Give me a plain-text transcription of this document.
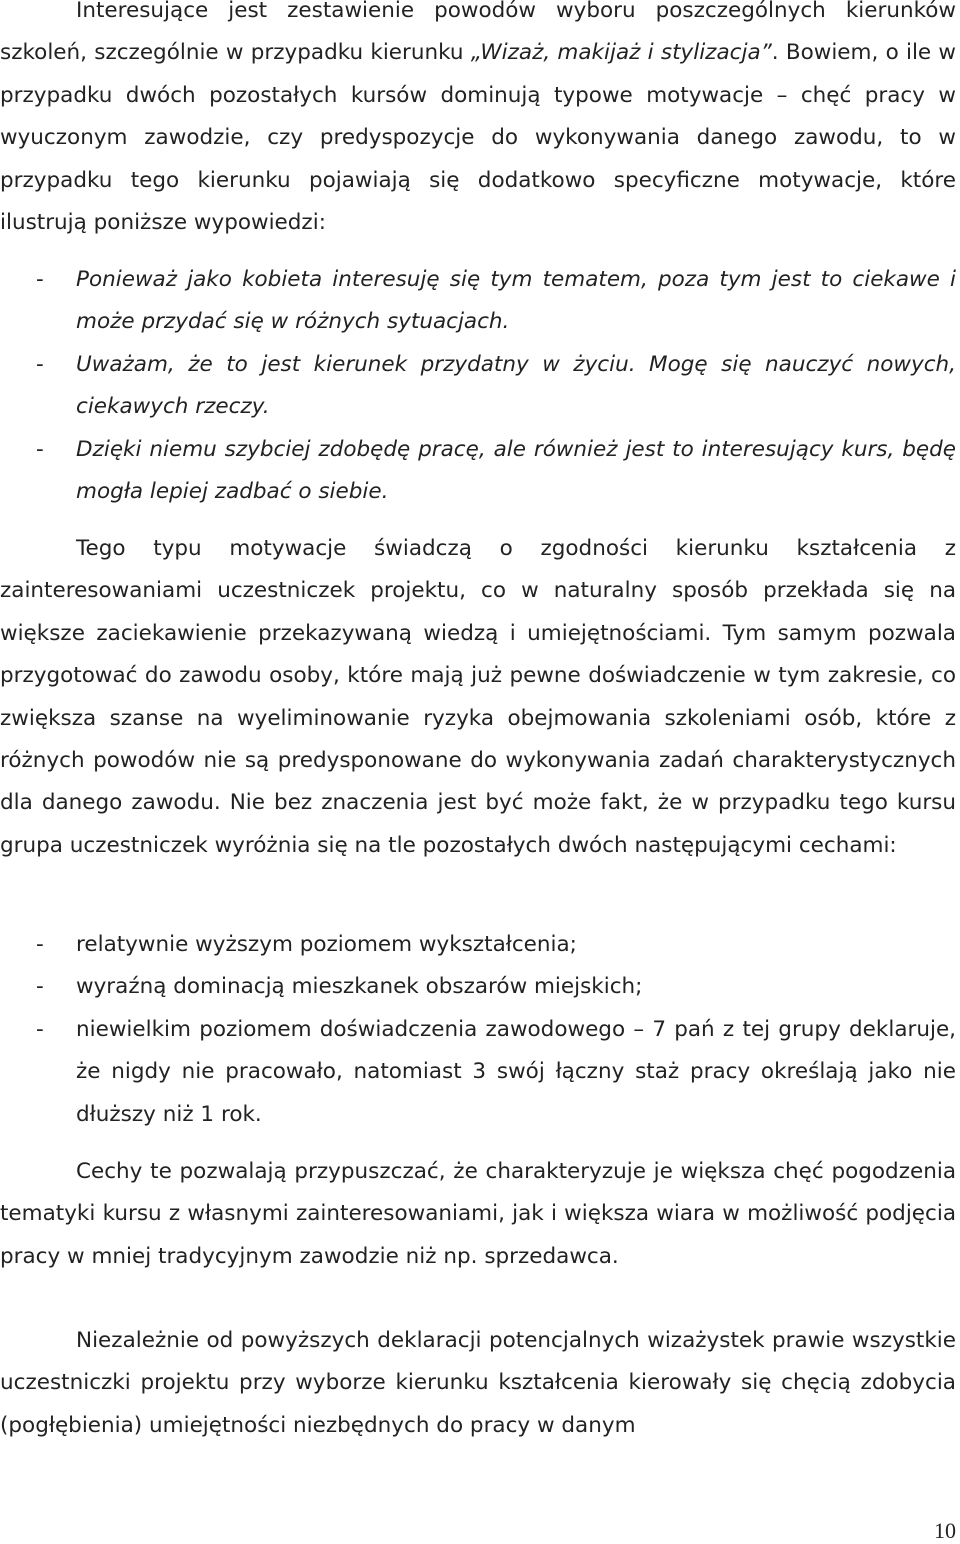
Interesujące jest zestawienie powodów wyboru poszczególnych kierunków szkoleń, szczególnie w przypadku kierunku „Wizaż, makijaż i stylizacja”. Bowiem, o ile w przypadku dwóch pozostałych kursów dominują typowe motywacje – chęć pracy w wyuczonym zawodzie, czy predyspozycje do wykonywania danego zawodu, to w przypadku tego kierunku pojawiają się dodatkowo specyficzne motywacje, które ilustrują poniższe wypowiedzi:

- Ponieważ jako kobieta interesuję się tym tematem, poza tym jest to ciekawe i może przydać się w różnych sytuacjach.
- Uważam, że to jest kierunek przydatny w życiu. Mogę się nauczyć nowych, ciekawych rzeczy.
- Dzięki niemu szybciej zdobędę pracę, ale również jest to interesujący kurs, będę mogła lepiej zadbać o siebie.

Tego typu motywacje świadczą o zgodności kierunku kształcenia z zainteresowaniami uczestniczek projektu, co w naturalny sposób przekłada się na większe zaciekawienie przekazywaną wiedzą i umiejętnościami. Tym samym pozwala przygotować do zawodu osoby, które mają już pewne doświadczenie w tym zakresie, co zwiększa szanse na wyeliminowanie ryzyka obejmowania szkoleniami osób, które z różnych powodów nie są predysponowane do wykonywania zadań charakterystycznych dla danego zawodu. Nie bez znaczenia jest być może fakt, że w przypadku tego kursu grupa uczestniczek wyróżnia się na tle pozostałych dwóch następującymi cechami:

- relatywnie wyższym poziomem wykształcenia;
- wyraźną dominacją mieszkanek obszarów miejskich;
- niewielkim poziomem doświadczenia zawodowego – 7 pań z tej grupy deklaruje, że nigdy nie pracowało, natomiast 3 swój łączny staż pracy określają jako nie dłuższy niż 1 rok.

Cechy te pozwalają przypuszczać, że charakteryzuje je większa chęć pogodzenia tematyki kursu z własnymi zainteresowaniami, jak i większa wiara w możliwość podjęcia pracy w mniej tradycyjnym zawodzie niż np. sprzedawca.

Niezależnie od powyższych deklaracji potencjalnych wizażystek prawie wszystkie uczestniczki projektu przy wyborze kierunku kształcenia kierowały się chęcią zdobycia (pogłębienia) umiejętności niezbędnych do pracy w danym

10
